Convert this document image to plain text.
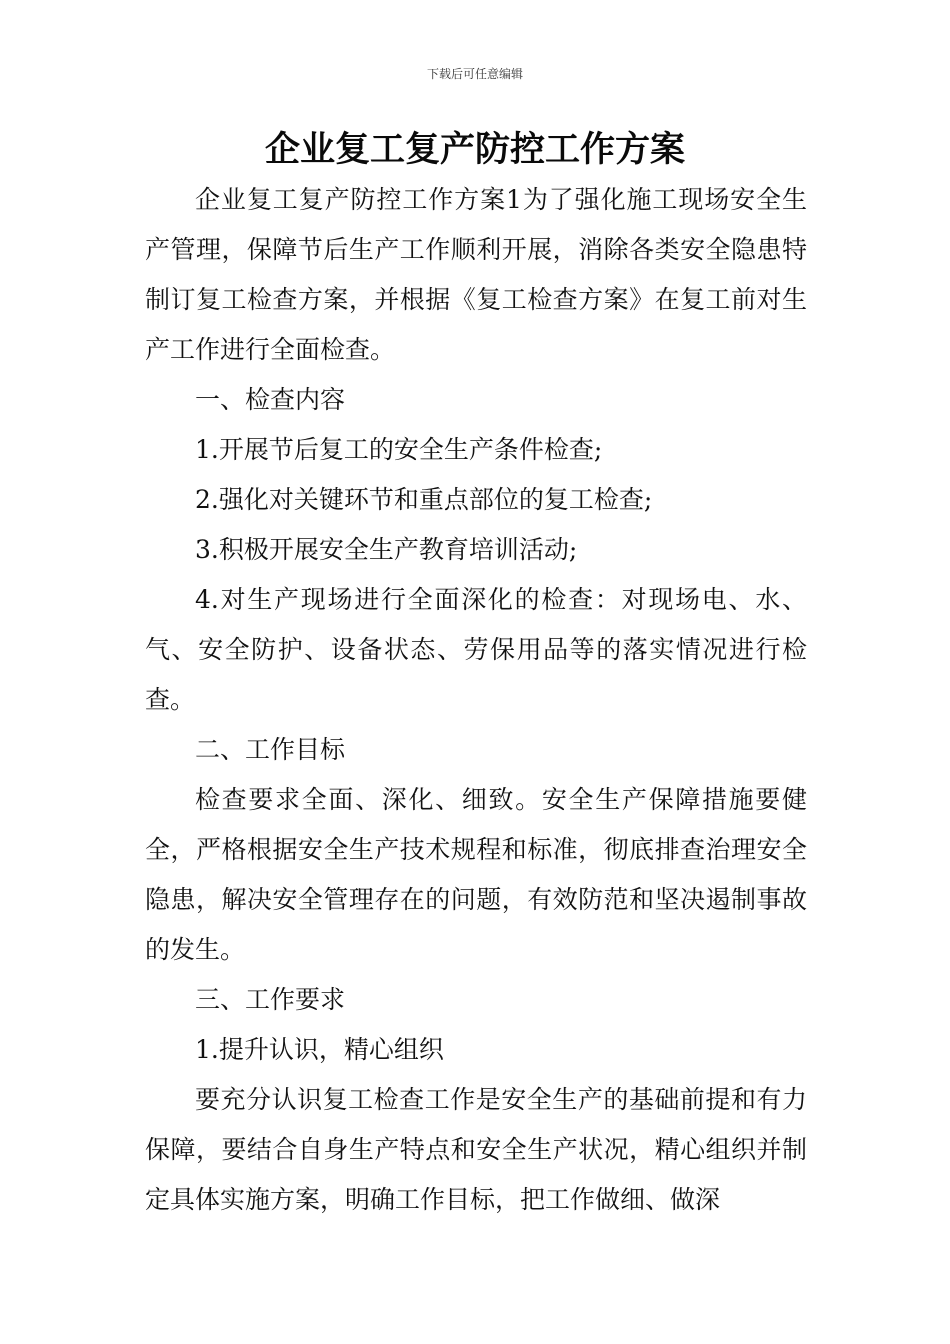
下载后可任意编辑
企业复工复产防控工作方案

企业复工复产防控工作方案1为了强化施工现场安全生产管理，保障节后生产工作顺利开展，消除各类安全隐患特制订复工检查方案，并根据《复工检查方案》在复工前对生产工作进行全面检查。

一、检查内容

1.开展节后复工的安全生产条件检查;

2.强化对关键环节和重点部位的复工检查;

3.积极开展安全生产教育培训活动;

4.对生产现场进行全面深化的检查：对现场电、水、气、安全防护、设备状态、劳保用品等的落实情况进行检查。

二、工作目标

检查要求全面、深化、细致。安全生产保障措施要健全，严格根据安全生产技术规程和标准，彻底排查治理安全隐患，解决安全管理存在的问题，有效防范和坚决遏制事故的发生。

三、工作要求

1.提升认识，精心组织

要充分认识复工检查工作是安全生产的基础前提和有力保障，要结合自身生产特点和安全生产状况，精心组织并制定具体实施方案，明确工作目标，把工作做细、做深
